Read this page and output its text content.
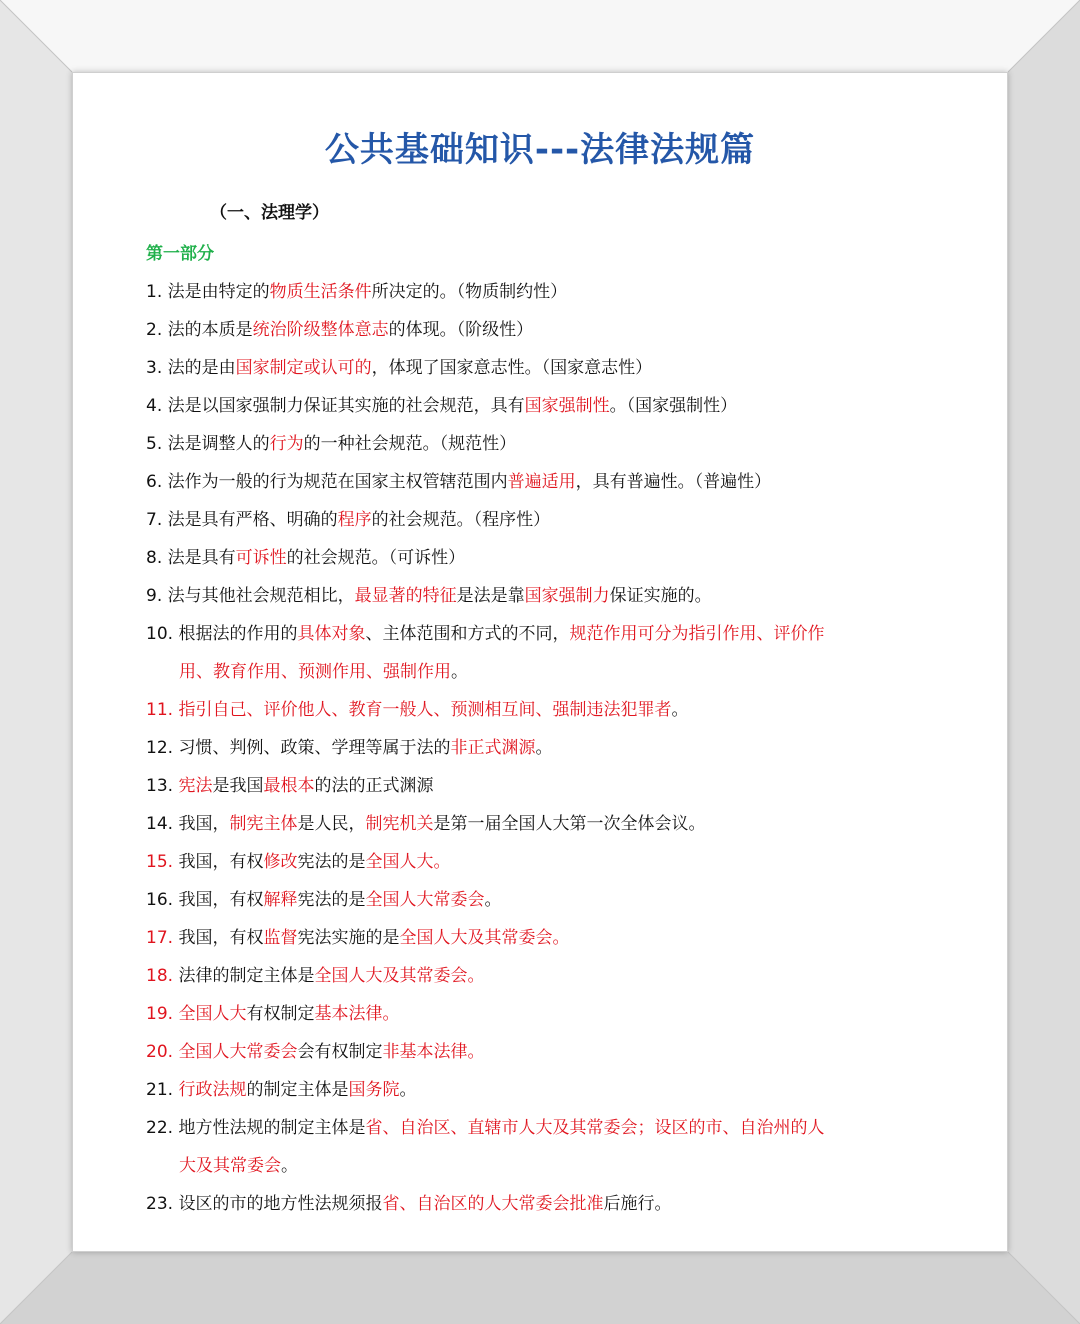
公共基础知识---法律法规篇
（一、法理学）
第一部分
1. 法是由特定的物质生活条件所决定的。（物质制约性）
2. 法的本质是统治阶级整体意志的体现。（阶级性）
3. 法的是由国家制定或认可的，体现了国家意志性。（国家意志性）
4. 法是以国家强制力保证其实施的社会规范，具有国家强制性。（国家强制性）
5. 法是调整人的行为的一种社会规范。（规范性）
6. 法作为一般的行为规范在国家主权管辖范围内普遍适用，具有普遍性。（普遍性）
7. 法是具有严格、明确的程序的社会规范。（程序性）
8. 法是具有可诉性的社会规范。（可诉性）
9. 法与其他社会规范相比，最显著的特征是法是靠国家强制力保证实施的。
10. 根据法的作用的具体对象、主体范围和方式的不同，规范作用可分为指引作用、评价作
用、教育作用、预测作用、强制作用。
11. 指引自己、评价他人、教育一般人、预测相互间、强制违法犯罪者。
12. 习惯、判例、政策、学理等属于法的非正式渊源。
13. 宪法是我国最根本的法的正式渊源
14. 我国，制宪主体是人民，制宪机关是第一届全国人大第一次全体会议。
15. 我国，有权修改宪法的是全国人大。
16. 我国，有权解释宪法的是全国人大常委会。
17. 我国，有权监督宪法实施的是全国人大及其常委会。
18. 法律的制定主体是全国人大及其常委会。
19. 全国人大有权制定基本法律。
20. 全国人大常委会会有权制定非基本法律。
21. 行政法规的制定主体是国务院。
22. 地方性法规的制定主体是省、自治区、直辖市人大及其常委会；设区的市、自治州的人
大及其常委会。
23. 设区的市的地方性法规须报省、自治区的人大常委会批准后施行。
